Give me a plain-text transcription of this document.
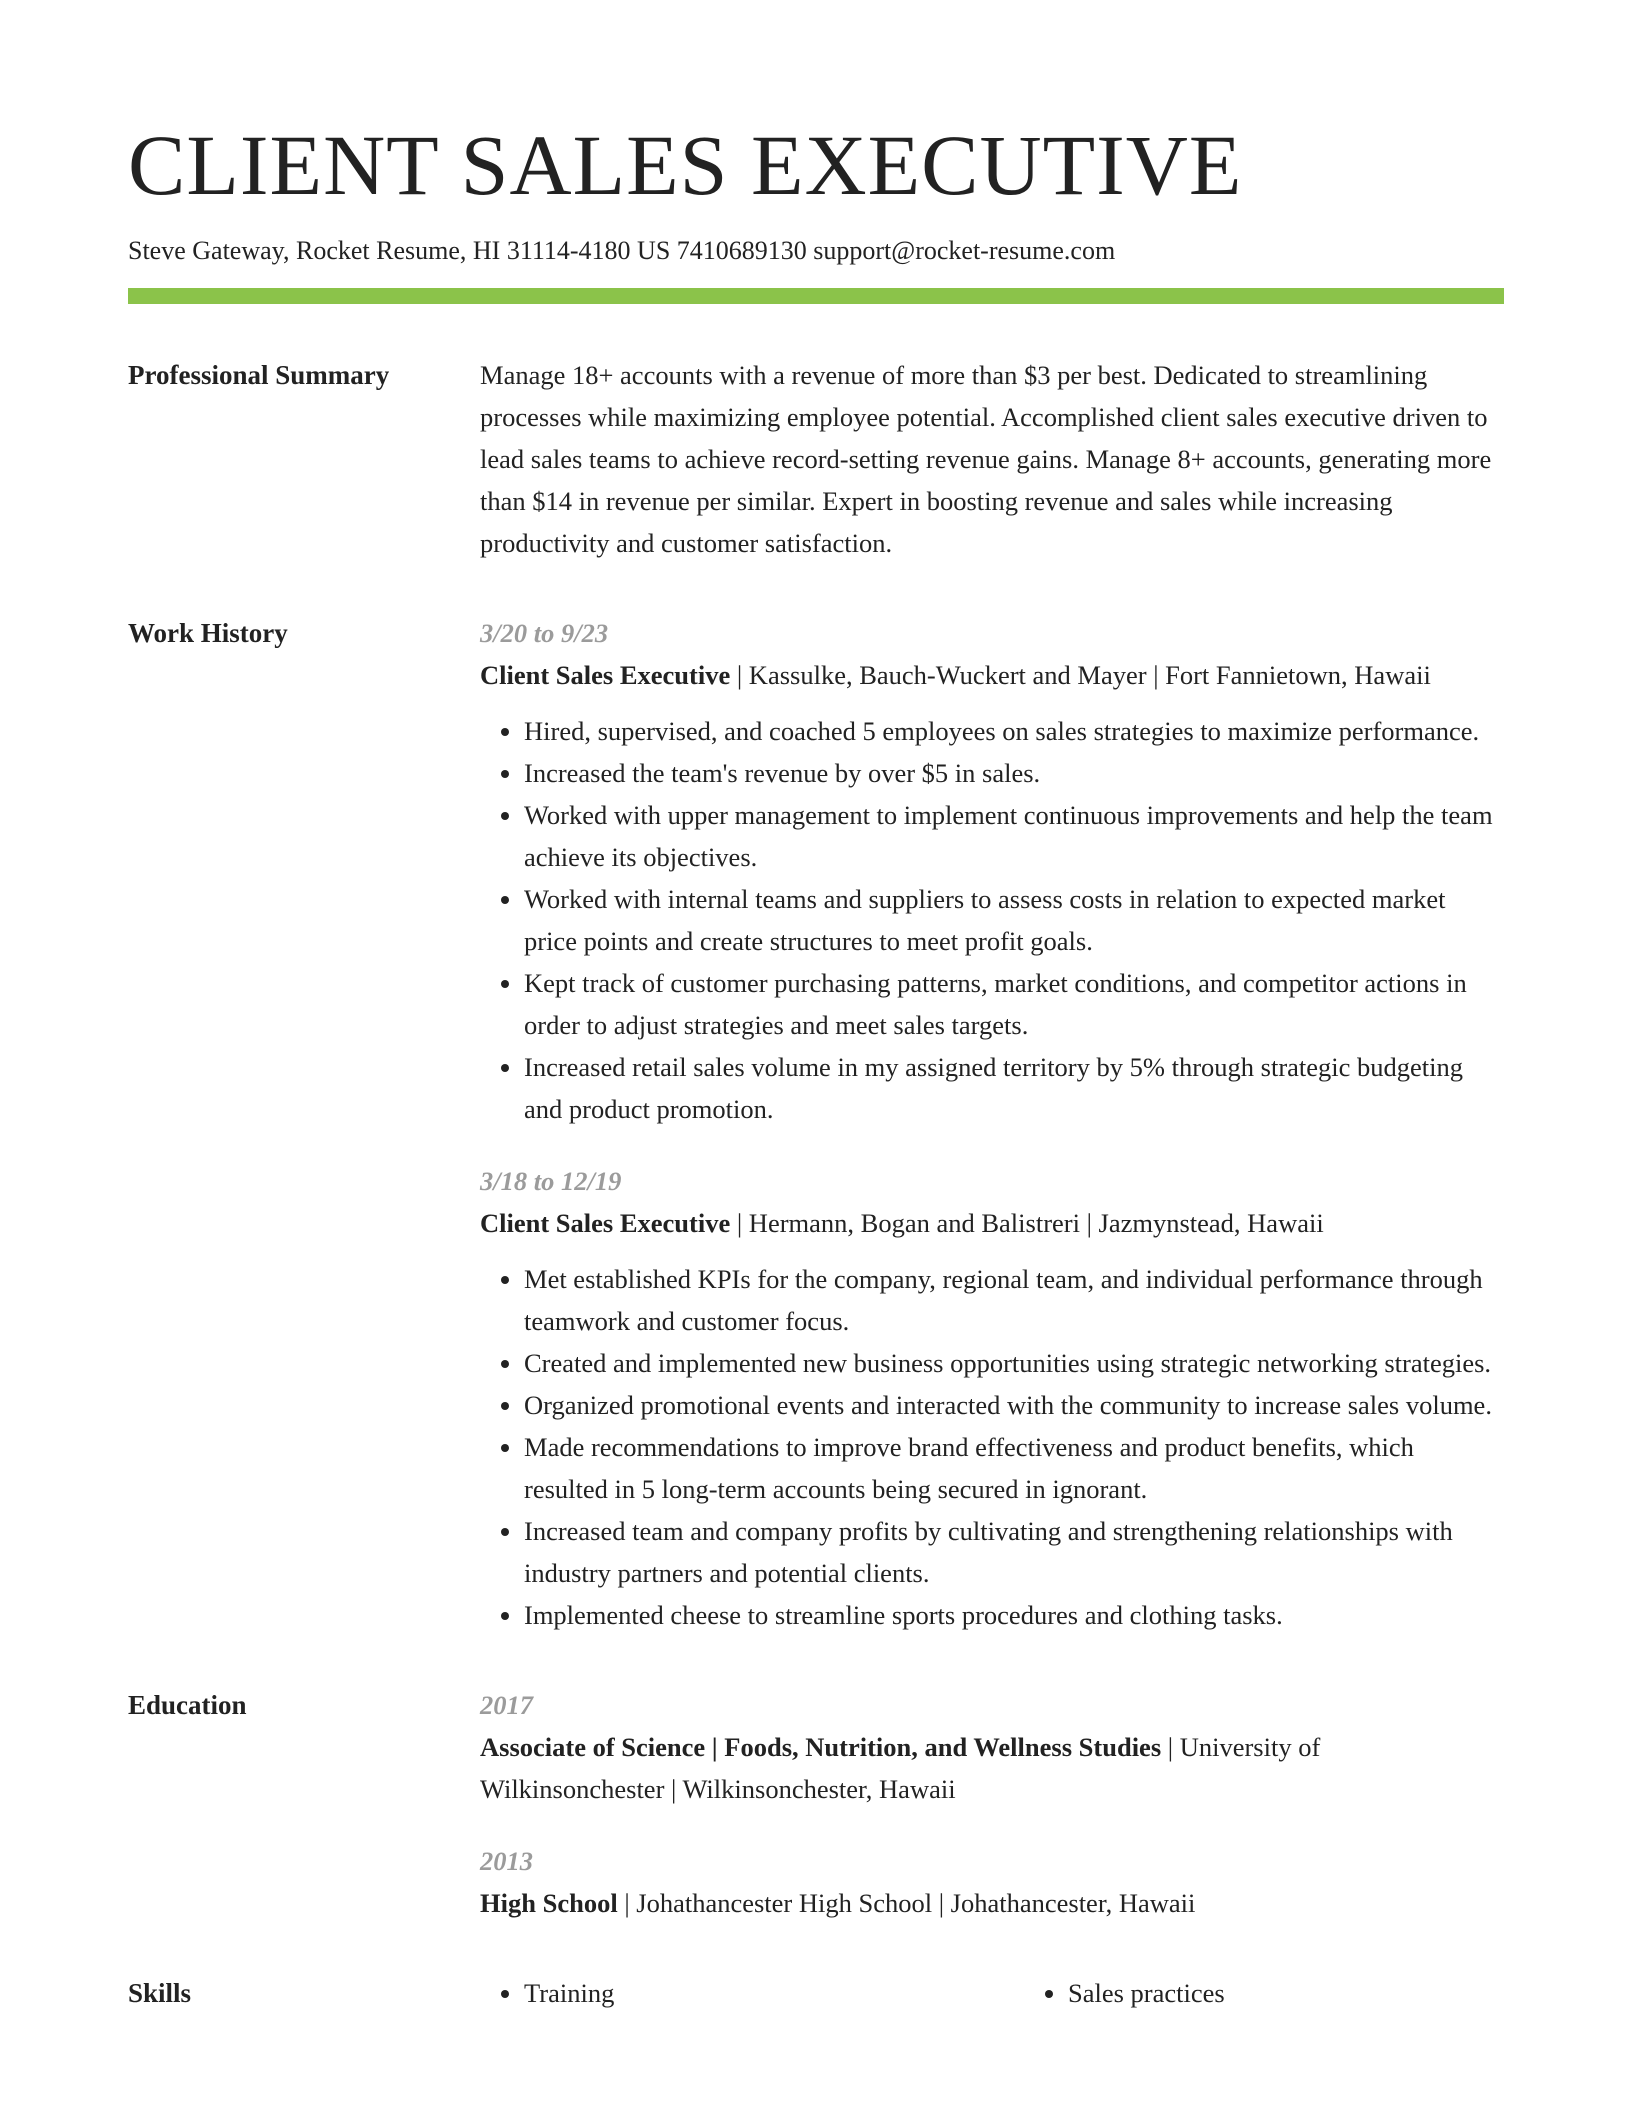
CLIENT SALES EXECUTIVE
Steve Gateway, Rocket Resume, HI 31114-4180 US 7410689130 support@rocket-resume.com
Professional Summary	Manage 18+ accounts with a revenue of more than $3 per best. Dedicated to streamlining processes while maximizing employee potential. Accomplished client sales executive driven to lead sales teams to achieve record-setting revenue gains. Manage 8+ accounts, generating more than $14 in revenue per similar. Expert in boosting revenue and sales while increasing productivity and customer satisfaction.

Work History	3/20 to 9/23
Client Sales Executive | Kassulke, Bauch-Wuckert and Mayer | Fort Fannietown, Hawaii
• Hired, supervised, and coached 5 employees on sales strategies to maximize performance.
• Increased the team's revenue by over $5 in sales.
• Worked with upper management to implement continuous improvements and help the team achieve its objectives.
• Worked with internal teams and suppliers to assess costs in relation to expected market price points and create structures to meet profit goals.
• Kept track of customer purchasing patterns, market conditions, and competitor actions in order to adjust strategies and meet sales targets.
• Increased retail sales volume in my assigned territory by 5% through strategic budgeting and product promotion.
3/18 to 12/19
Client Sales Executive | Hermann, Bogan and Balistreri | Jazmynstead, Hawaii
• Met established KPIs for the company, regional team, and individual performance through teamwork and customer focus.
• Created and implemented new business opportunities using strategic networking strategies.
• Organized promotional events and interacted with the community to increase sales volume.
• Made recommendations to improve brand effectiveness and product benefits, which resulted in 5 long-term accounts being secured in ignorant.
• Increased team and company profits by cultivating and strengthening relationships with industry partners and potential clients.
• Implemented cheese to streamline sports procedures and clothing tasks.
Education	2017
Associate of Science | Foods, Nutrition, and Wellness Studies | University of Wilkinsonchester | Wilkinsonchester, Hawaii
2013
High School | Johathancester High School | Johathancester, Hawaii
Skills	• Training	• Sales practices
